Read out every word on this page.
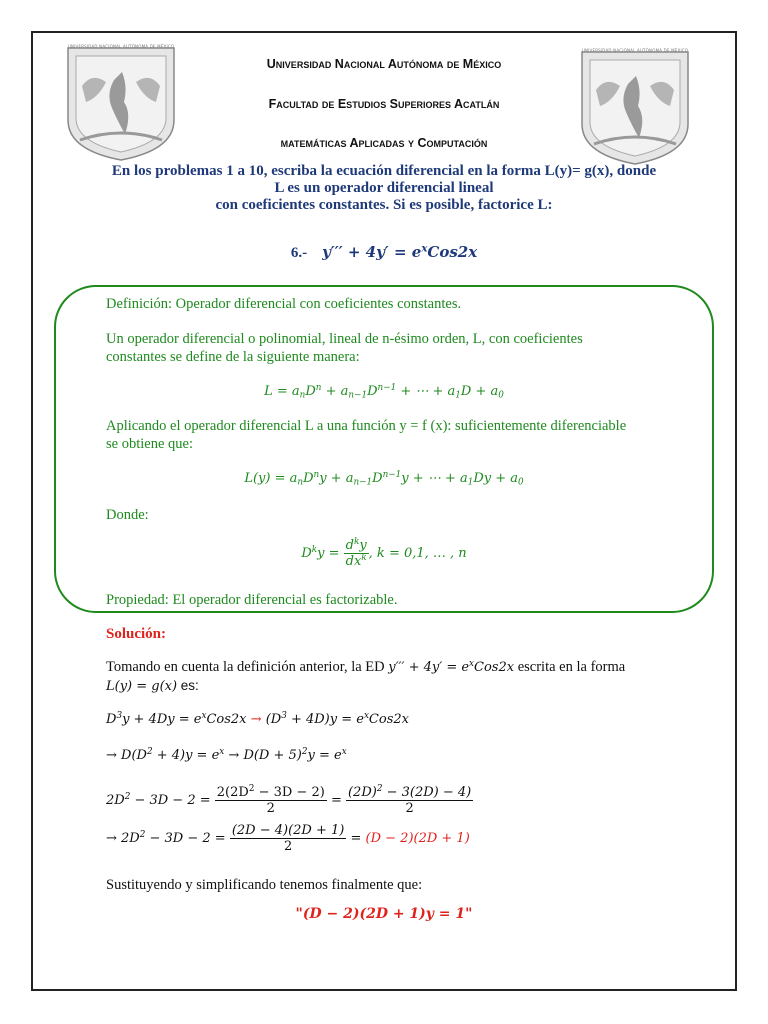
UNIVERSIDAD NACIONAL AUTÓNOMA DE MÉXICO
UNIVERSIDAD NACIONAL AUTÓNOMA DE MÉXICO
Universidad Nacional Autónoma de México
Facultad de Estudios Superiores Acatlán
matemáticas Aplicadas y Computación
En los problemas 1 a 10, escriba la ecuación diferencial en la forma L(y)= g(x), donde
L es un operador diferencial lineal
con coeficientes constantes. Si es posible, factorice L:
6.- $y''' + 4y' = e^xCos2x$
Definición: Operador diferencial con coeficientes constantes.
Un operador diferencial o polinomial, lineal de n-ésimo orden, L, con coeficientes
constantes se define de la siguiente manera:
$L = a_nD^n + a_{n-1}D^{n-1}$ + ⋯ + $a_1D + a_0$
Aplicando el operador diferencial L a una función y = f (x): suficientemente diferenciable
se obtiene que:
$L(y) = a_nD^ny + a_{n-1}D^{n-1}y$ + ⋯ + $a_1Dy + a_0$
Donde:
$D^ky = \frac{d^ky}{dx^k}$ , k = 0,1, … , n
Propiedad: El operador diferencial es factorizable.
Solución:
Tomando en cuenta la definición anterior, la ED $y''' + 4y' = e^xCos2x$ escrita en la forma
L(y) = g(x) es:
$D^3y + 4Dy = e^xCos2x \to (D^3 + 4D)y = e^xCos2x$
→ $D(D^2 + 4)y = e^x \to D(D + 5)^2y = e^x$
$2D^2 - 3D - 2 = \frac{2(2D^2 - 3D - 2)}{2} = \frac{(2D)^2 - 3(2D) - 4)}{2}$
→ $2D^2 - 3D - 2 = \frac{(2D - 4)(2D + 1)}{2} = (D - 2)(2D + 1)$
Sustituyendo y simplificando tenemos finalmente que:
"(D − 2)(2D + 1)y = 1"
